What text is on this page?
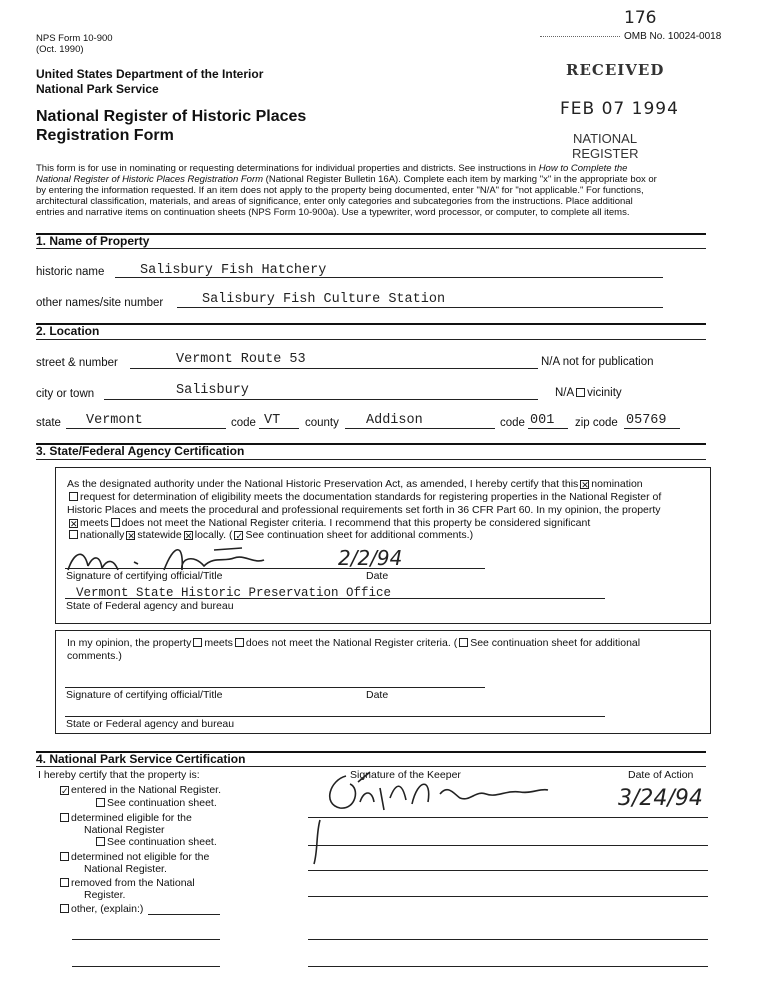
NPS Form 10-900
(Oct. 1990)
176
OMB No. 10024-0018
United States Department of the Interior
National Park Service
National Register of Historic Places
Registration Form
RECEIVED
FEB 07 1994
NATIONAL
REGISTER
This form is for use in nominating or requesting determinations for individual properties and districts. See instructions in How to Complete the
National Register of Historic Places Registration Form (National Register Bulletin 16A). Complete each item by marking "x" in the appropriate box or
by entering the information requested. If an item does not apply to the property being documented, enter "N/A" for "not applicable." For functions,
architectural classification, materials, and areas of significance, enter only categories and subcategories from the instructions. Place additional
entries and narrative items on continuation sheets (NPS Form 10-900a). Use a typewriter, word processor, or computer, to complete all items.
1. Name of Property
historic name	Salisbury Fish Hatchery
other names/site number	Salisbury Fish Culture Station
2. Location
street & number	Vermont Route 53	N/A not for publication
city or town	Salisbury	N/A vicinity
state Vermont	code VT county Addison	code 001 zip code 05769
3. State/Federal Agency Certification
As the designated authority under the National Historic Preservation Act, as amended, I hereby certify that this ✕ nomination
request for determination of eligibility meets the documentation standards for registering properties in the National Register of
Historic Places and meets the procedural and professional requirements set forth in 36 CFR Part 60. In my opinion, the property
✕ meets does not meet the National Register criteria. I recommend that this property be considered significant
nationally ✕ statewide ✕ locally. ( ✓ See continuation sheet for additional comments.)
2/2/94
Signature of certifying official/Title	Date
Vermont State Historic Preservation Office
State of Federal agency and bureau
In my opinion, the property meets does not meet the National Register criteria. ( See continuation sheet for additional
comments.)
Signature of certifying official/Title	Date
State or Federal agency and bureau
4. National Park Service Certification
I hereby certify that the property is:
✓ entered in the National Register.
See continuation sheet.
determined eligible for the
National Register
See continuation sheet.
determined not eligible for the
National Register.
removed from the National
Register.
other, (explain:)
Signature of the Keeper	Date of Action
3/24/94
